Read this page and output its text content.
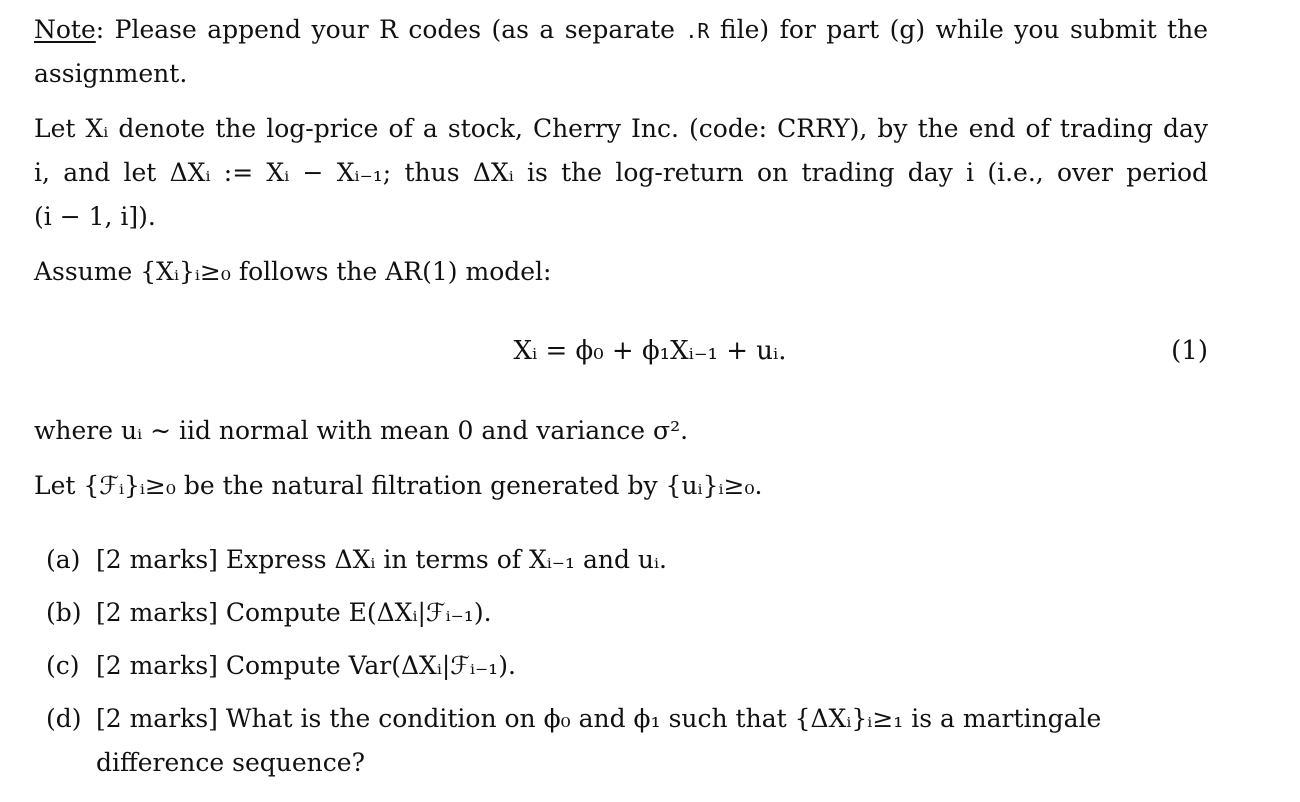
Note: Please append your R codes (as a separate .R file) for part (g) while you submit the
assignment.
Let Xᵢ denote the log-price of a stock, Cherry Inc. (code: CRRY), by the end of trading day
i, and let ΔXᵢ := Xᵢ − Xᵢ₋₁; thus ΔXᵢ is the log-return on trading day i (i.e., over period
(i − 1, i]).
Assume {Xᵢ}ᵢ≥₀ follows the AR(1) model:
Xᵢ = ϕ₀ + ϕ₁Xᵢ₋₁ + uᵢ.	(1)
where uᵢ ∼ iid normal with mean 0 and variance σ².
Let {ℱᵢ}ᵢ≥₀ be the natural filtration generated by {uᵢ}ᵢ≥₀.
(a) [2 marks] Express ΔXᵢ in terms of Xᵢ₋₁ and uᵢ.
(b) [2 marks] Compute E(ΔXᵢ|ℱᵢ₋₁).
(c) [2 marks] Compute Var(ΔXᵢ|ℱᵢ₋₁).
(d) [2 marks] What is the condition on ϕ₀ and ϕ₁ such that {ΔXᵢ}ᵢ≥₁ is a martingale
difference sequence?
